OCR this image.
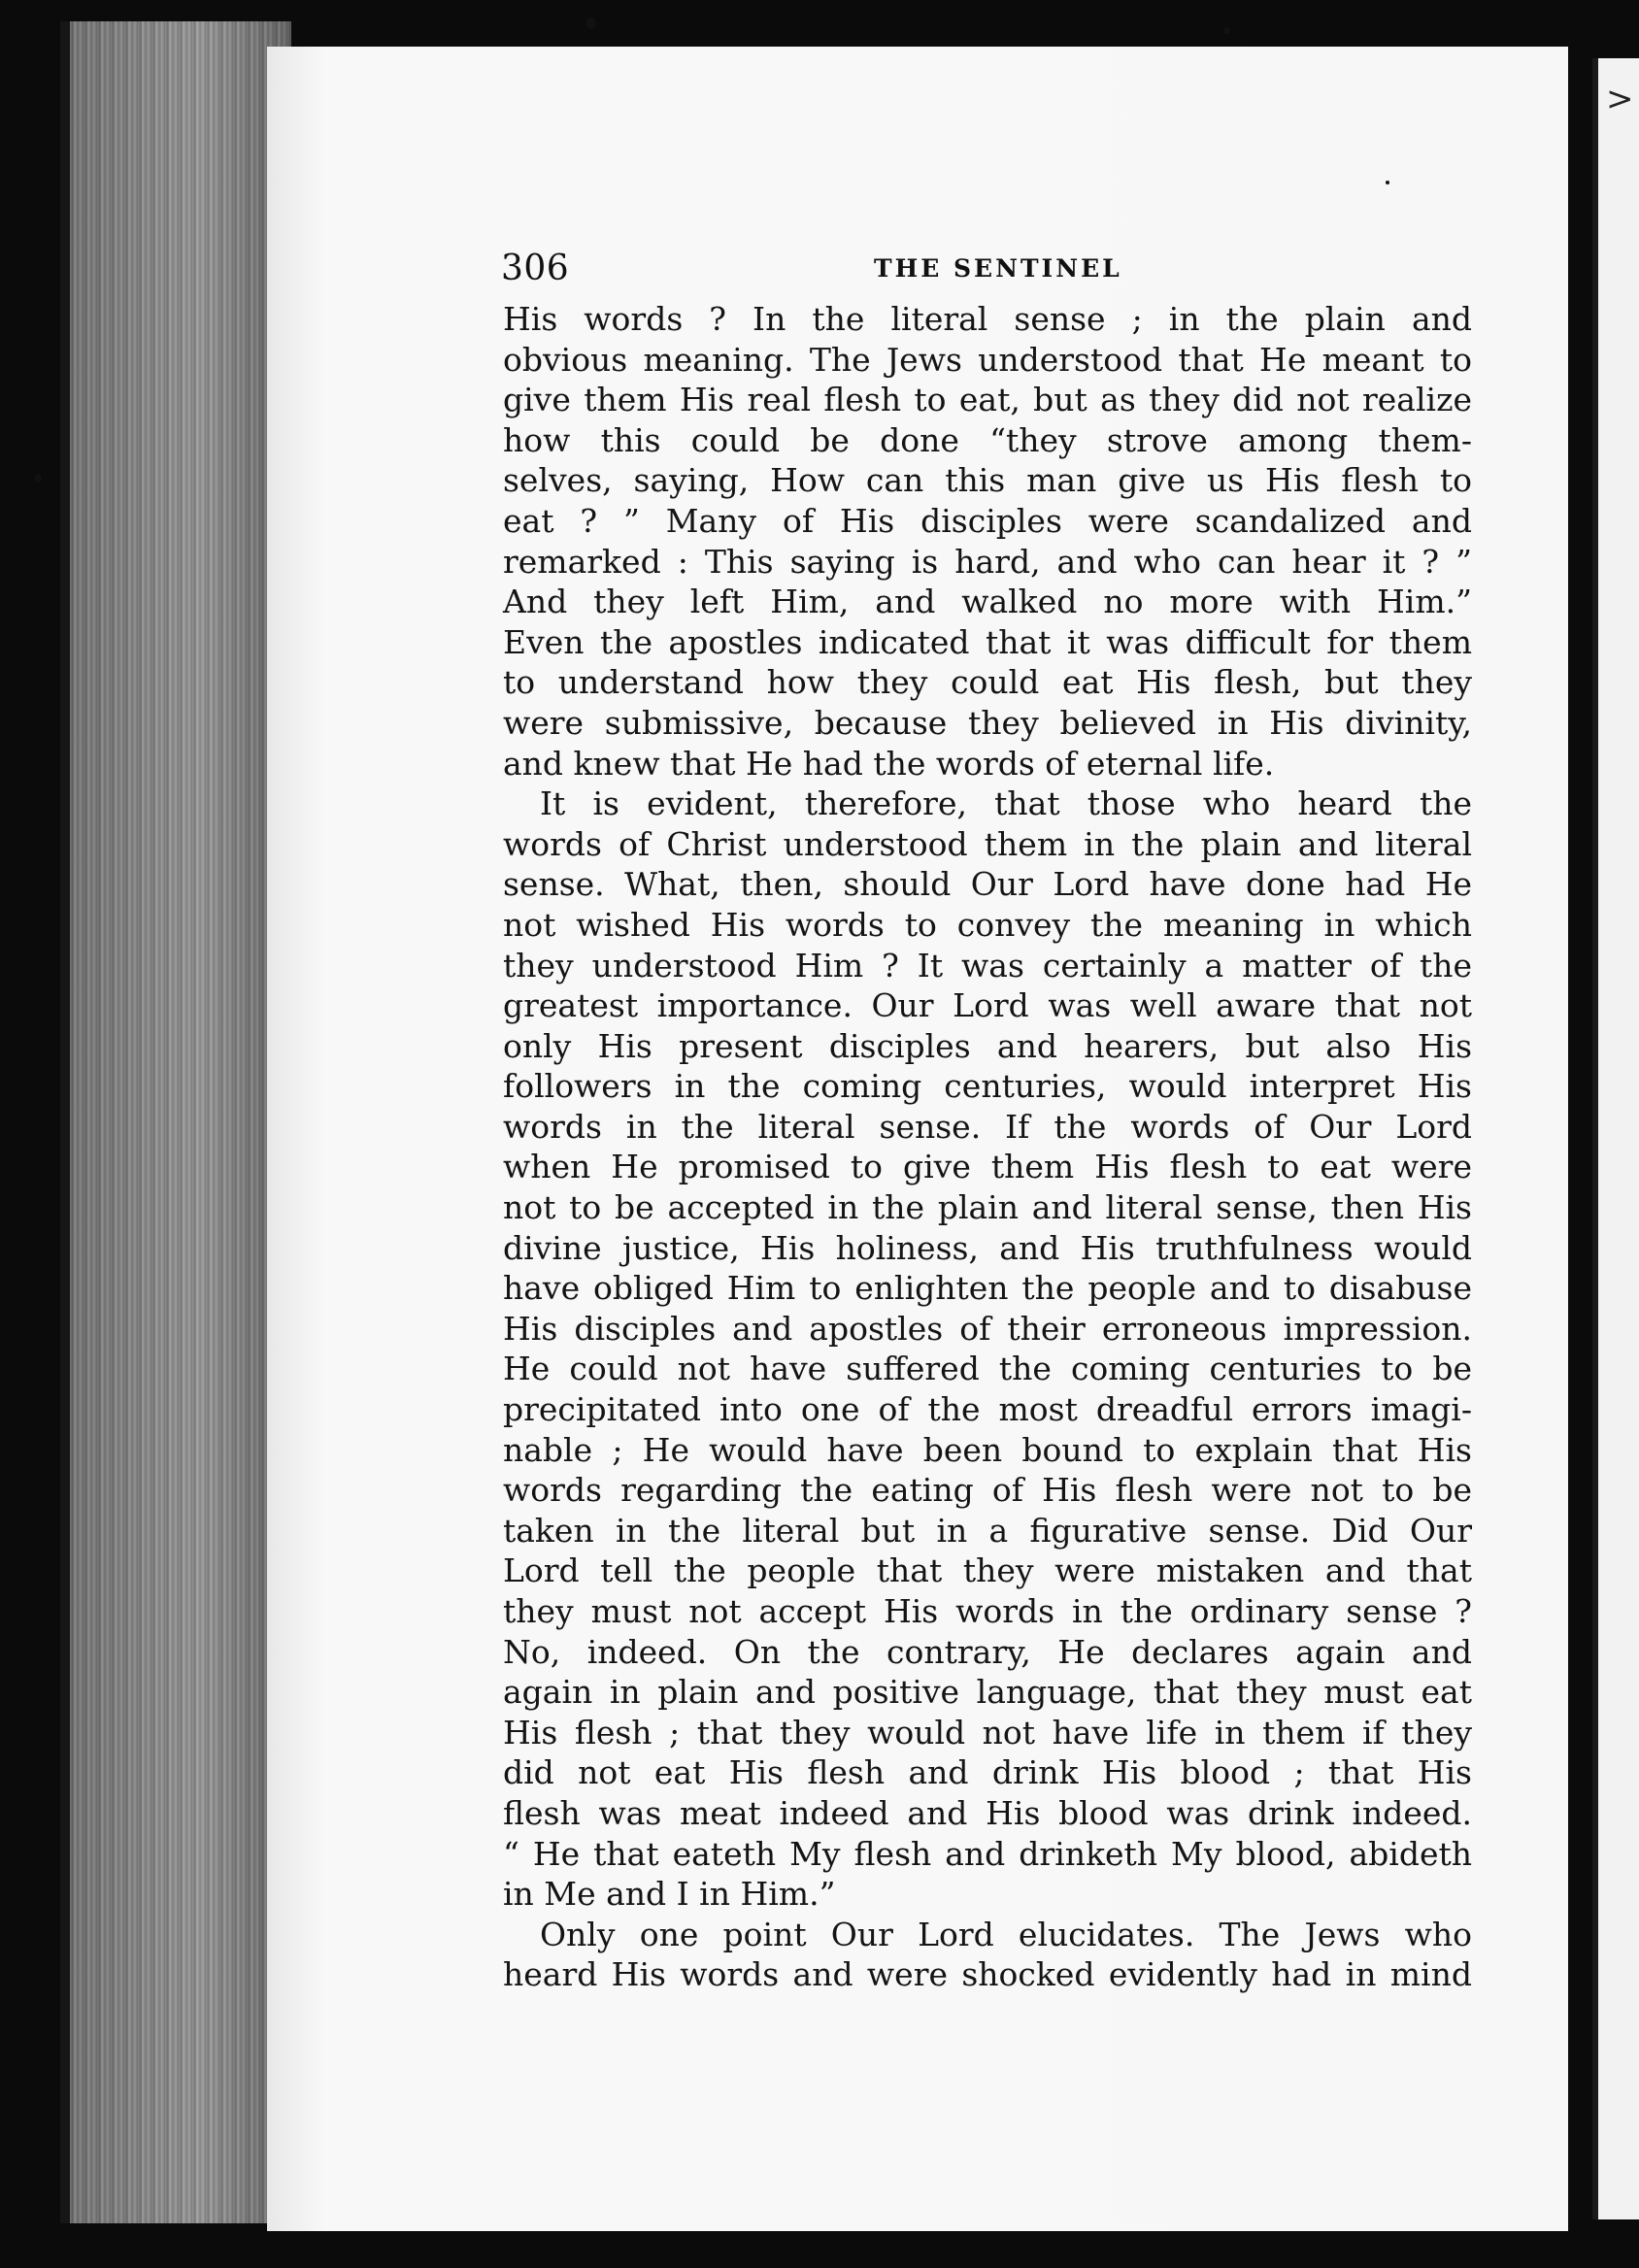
>
306	THE SENTINEL
His words ? In the literal sense ; in the plain and
obvious meaning. The Jews understood that He meant to
give them His real flesh to eat, but as they did not realize
how this could be done “they strove among them-
selves, saying, How can this man give us His flesh to
eat ? ” Many of His disciples were scandalized and
remarked : This saying is hard, and who can hear it ? ”
And they left Him, and walked no more with Him.”
Even the apostles indicated that it was difficult for them
to understand how they could eat His flesh, but they
were submissive, because they believed in His divinity,
and knew that He had the words of eternal life.
It is evident, therefore, that those who heard the
words of Christ understood them in the plain and literal
sense. What, then, should Our Lord have done had He
not wished His words to convey the meaning in which
they understood Him ? It was certainly a matter of the
greatest importance. Our Lord was well aware that not
only His present disciples and hearers, but also His
followers in the coming centuries, would interpret His
words in the literal sense. If the words of Our Lord
when He promised to give them His flesh to eat were
not to be accepted in the plain and literal sense, then His
divine justice, His holiness, and His truthfulness would
have obliged Him to enlighten the people and to disabuse
His disciples and apostles of their erroneous impression.
He could not have suffered the coming centuries to be
precipitated into one of the most dreadful errors imagi-
nable ; He would have been bound to explain that His
words regarding the eating of His flesh were not to be
taken in the literal but in a figurative sense. Did Our
Lord tell the people that they were mistaken and that
they must not accept His words in the ordinary sense ?
No, indeed. On the contrary, He declares again and
again in plain and positive language, that they must eat
His flesh ; that they would not have life in them if they
did not eat His flesh and drink His blood ; that His
flesh was meat indeed and His blood was drink indeed.
“ He that eateth My flesh and drinketh My blood, abideth
in Me and I in Him.”
Only one point Our Lord elucidates. The Jews who
heard His words and were shocked evidently had in mind
